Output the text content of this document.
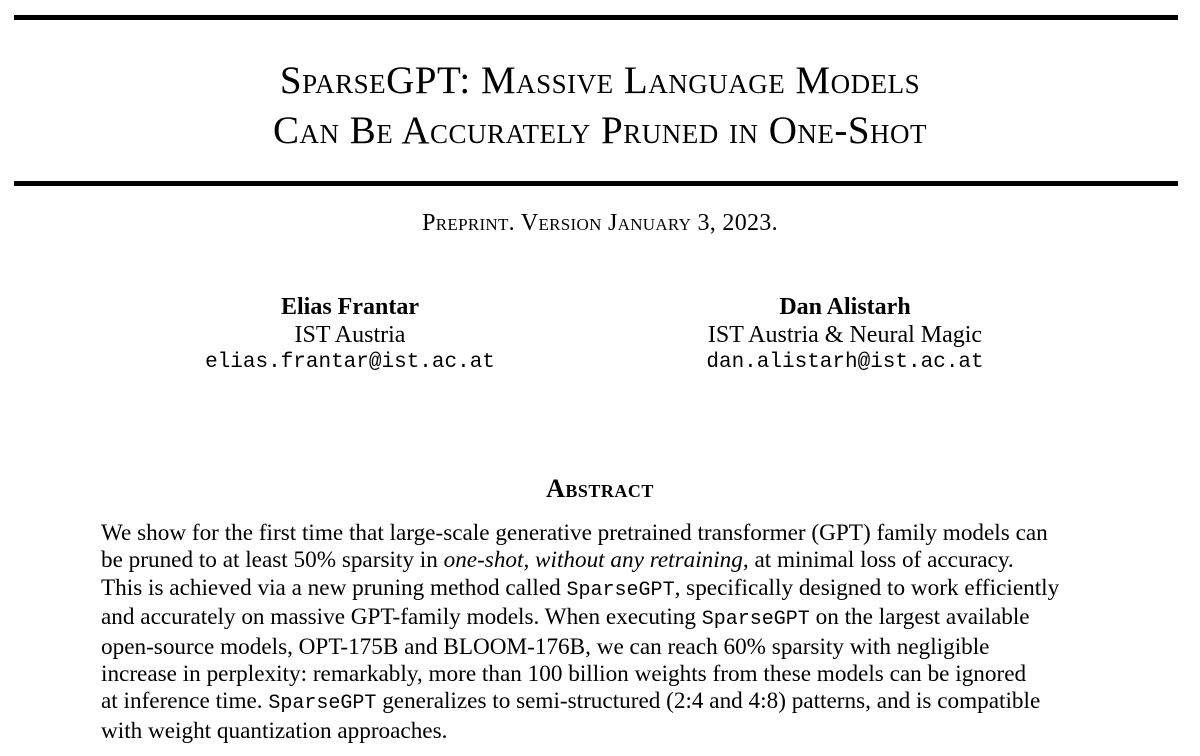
SparseGPT: Massive Language Models
Can Be Accurately Pruned in One-Shot
Preprint. Version January 3, 2023.
Elias Frantar
IST Austria
elias.frantar@ist.ac.at
Dan Alistarh
IST Austria & Neural Magic
dan.alistarh@ist.ac.at
Abstract
We show for the first time that large-scale generative pretrained transformer (GPT) family models can
be pruned to at least 50% sparsity in one-shot, without any retraining, at minimal loss of accuracy.
This is achieved via a new pruning method called SparseGPT, specifically designed to work efficiently
and accurately on massive GPT-family models. When executing SparseGPT on the largest available
open-source models, OPT-175B and BLOOM-176B, we can reach 60% sparsity with negligible
increase in perplexity: remarkably, more than 100 billion weights from these models can be ignored
at inference time. SparseGPT generalizes to semi-structured (2:4 and 4:8) patterns, and is compatible
with weight quantization approaches.
